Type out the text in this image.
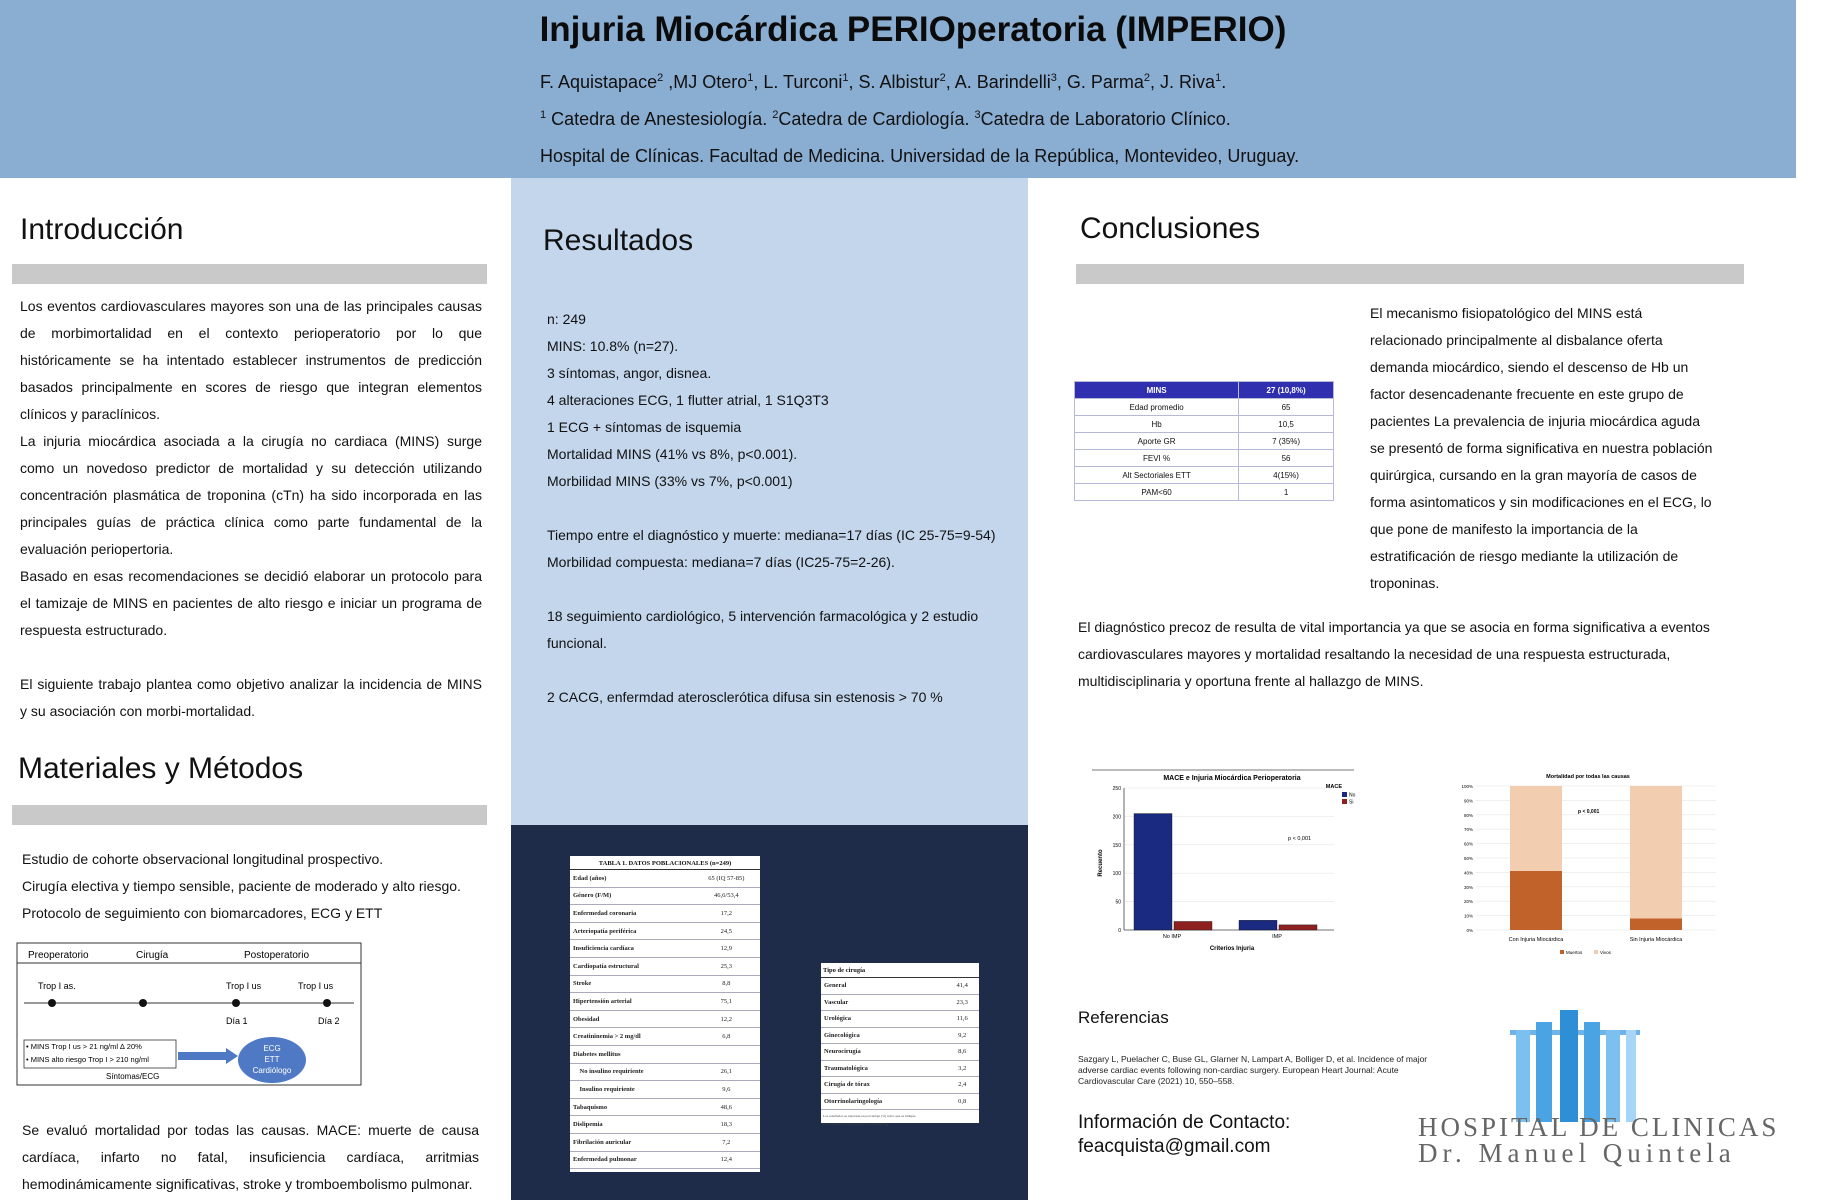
Injuria Miocárdica PERIOperatoria (IMPERIO)
F. Aquistapace$^2$ ,MJ Otero$^1$, L. Turconi$^1$, S. Albistur$^2$, A. Barindelli$^3$, G. Parma$^2$, J. Riva$^1$.
$^1$ Catedra de Anestesiología. $^2$Catedra de Cardiología. $^3$Catedra de Laboratorio Clínico.
Hospital de Clínicas. Facultad de Medicina. Universidad de la República, Montevideo, Uruguay.
Introducción

Los eventos cardiovasculares mayores son una de las principales causas de morbimortalidad en el contexto perioperatorio por lo que históricamente se ha intentado establecer instrumentos de predicción basados principalmente en scores de riesgo que integran elementos clínicos y paraclínicos.

La injuria miocárdica asociada a la cirugía no cardiaca (MINS) surge como un novedoso predictor de mortalidad y su detección utilizando concentración plasmática de troponina (cTn) ha sido incorporada en las principales guías de práctica clínica como parte fundamental de la evaluación periopertoria.

Basado en esas recomendaciones se decidió elaborar un protocolo para el tamizaje de MINS en pacientes de alto riesgo e iniciar un programa de respuesta estructurado.

El siguiente trabajo plantea como objetivo analizar la incidencia de MINS y su asociación con morbi-mortalidad.

Materiales y Métodos
Estudio de cohorte observacional longitudinal prospectivo.
Cirugía electiva y tiempo sensible, paciente de moderado y alto riesgo.
Protocolo de seguimiento con biomarcadores, ECG y ETT
Preoperatorio	Cirugía	Postoperatorio
Trop I as.	Trop I us	Trop I us
Día 1	Día 2
• MINS Trop I us > 21 ng/ml ∆ 20%
• MINS alto riesgo Trop I > 210 ng/ml
Síntomas/ECG
ECG
ETT
Cardiólogo
Se evaluó mortalidad por todas las causas. MACE: muerte de causa cardíaca, infarto no fatal, insuficiencia cardíaca, arritmias hemodinámicamente significativas, stroke y tromboembolismo pulmonar.
Resultados
n: 249
MINS: 10.8% (n=27).
3 síntomas, angor, disnea.
4 alteraciones ECG, 1 flutter atrial, 1 S1Q3T3
1 ECG + síntomas de isquemia
Mortalidad MINS (41% vs 8%, p<0.001).
Morbilidad MINS (33% vs 7%, p<0.001)
Tiempo entre el diagnóstico y muerte: mediana=17 días (IC 25-75=9-54)
Morbilidad compuesta: mediana=7 días (IC25-75=2-26).
18 seguimiento cardiológico, 5 intervención farmacológica y 2 estudio funcional.
2 CACG, enfermdad aterosclerótica difusa sin estenosis > 70 %
TABLA 1. DATOS POBLACIONALES (n=249)
Edad (años)	65 (IQ 57-85)
Género (F/M)	46,6/53,4
Enfermedad coronaria	17,2
Arteriopatía periférica	24,5
Insuficiencia cardíaca	12,9
Cardiopatía estructural	25,3
Stroke	8,8
Hipertensión arterial	75,1
Obesidad	12,2
Creatininemia > 2 mg/dl	6,8
Diabetes mellitus	
No insulino requiriente	26,1
Insulino requiriente	9,6
Tabaquismo	48,6
Dislipemia	18,3
Fibrilación auricular	7,2
Enfermedad pulmonar	12,4
Tipo de cirugía
General	41,4
Vascular	23,3
Urológica	11,6
Ginecológica	9,2
Neurocirugía	8,6
Traumatológica	3,2
Cirugía de tórax	2,4
Otorrinolaringología	0,8
Los resultados se expresan en porcentaje (%) salvo que se indique
Los resultados se expresan en % (mediana IQ)
Conclusiones
MINS	27 (10,8%)
Edad promedio	65
Hb	10,5
Aporte GR	7 (35%)
FEVI %	56
Alt Sectoriales ETT	4(15%)
PAM<60	1
El mecanismo fisiopatológico del MINS está relacionado principalmente al disbalance oferta demanda miocárdico, siendo el descenso de Hb un factor desencadenante frecuente en este grupo de pacientes La prevalencia de injuria miocárdica aguda se presentó de forma significativa en nuestra población quirúrgica, cursando en la gran mayoría de casos de forma asintomaticos y sin modificaciones en el ECG, lo que pone de manifesto la importancia de la estratificación de riesgo mediante la utilización de troponinas.
El diagnóstico precoz de resulta de vital importancia ya que se asocia en forma significativa a eventos cardiovasculares mayores y mortalidad resaltando la necesidad de una respuesta estructurada, multidisciplinaria y oportuna frente al hallazgo de MINS.
MACE e Injuria Miocárdica Perioperatoria
0
50
100
150
200
250
No IMP	IMP
Criterios Injuria
Recuento
p < 0,001
MACE
No
Si
Mortalidad por todas las causas
0%
10%
20%
30%
40%
50%
60%
70%
80%
90%
100%
Con Injuria Miocárdica	Sin Injuria Miocárdica
p < 0,001
Muertos	Vivos
Referencias
Sazgary L, Puelacher C, Buse GL, Glarner N, Lampart A, Bolliger D, et al. Incidence of major adverse cardiac events following non-cardiac surgery. European Heart Journal: Acute Cardiovascular Care (2021) 10, 550–558.
Información de Contacto:
feacquista@gmail.com
HOSPITAL DE CLINICAS
Dr. Manuel Quintela
